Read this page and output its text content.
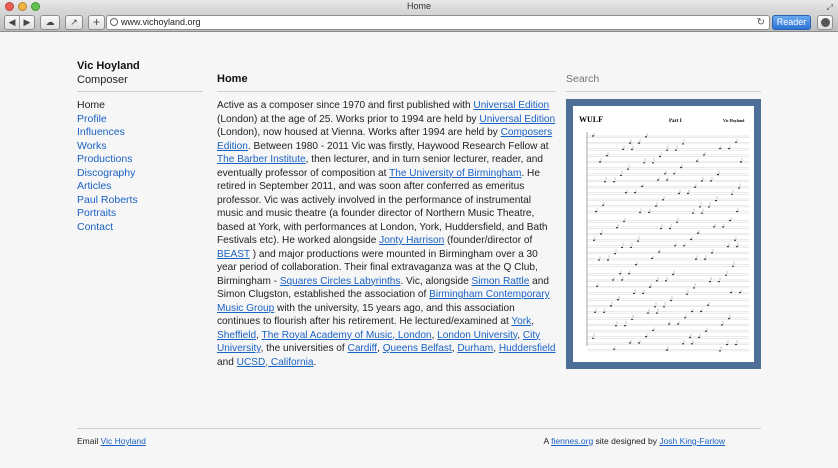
Home	⤢
◀ ▶	☁	↗	+	www.vichoyland.org	↻	Reader
Vic Hoyland
Composer
Home
Profile
Influences
Works
Productions
Discography
Articles
Paul Roberts
Portraits
Contact
Home

Active as a composer since 1970 and first published with Universal Edition (London) at the age of 25. Works prior to 1994 are held by Universal Edition (London), now housed at Vienna. Works after 1994 are held by Composers Edition. Between 1980 - 2011 Vic was firstly, Haywood Research Fellow at The Barber Institute, then lecturer, and in turn senior lecturer, reader, and eventually professor of composition at The University of Birmingham. He retired in September 2011, and was soon after conferred as emeritus professor. Vic was actively involved in the performance of instrumental music and music theatre (a founder director of Northern Music Theatre, based at York, with performances at London, York, Huddersfield, and Bath Festivals etc). He worked alongside Jonty Harrison (founder/director of BEAST ) and major productions were mounted in Birmingham over a 30 year period of collaboration. Their final extravaganza was at the Q Club, Birmingham - Squares Circles Labyrinths. Vic, alongside Simon Rattle and Simon Clugston, established the association of Birmingham Contemporary Music Group with the university, 15 years ago, and this association continues to flourish after his retirement. He lectured/examined at York, Sheffield, The Royal Academy of Music, London, London University, City University, the universities of Cardiff, Queens Belfast, Durham, Huddersfield and UCSD, California.

Search
WULF	Part I	Vic Hoyland
Email Vic Hoyland	A fiennes.org site designed by Josh King-Farlow
